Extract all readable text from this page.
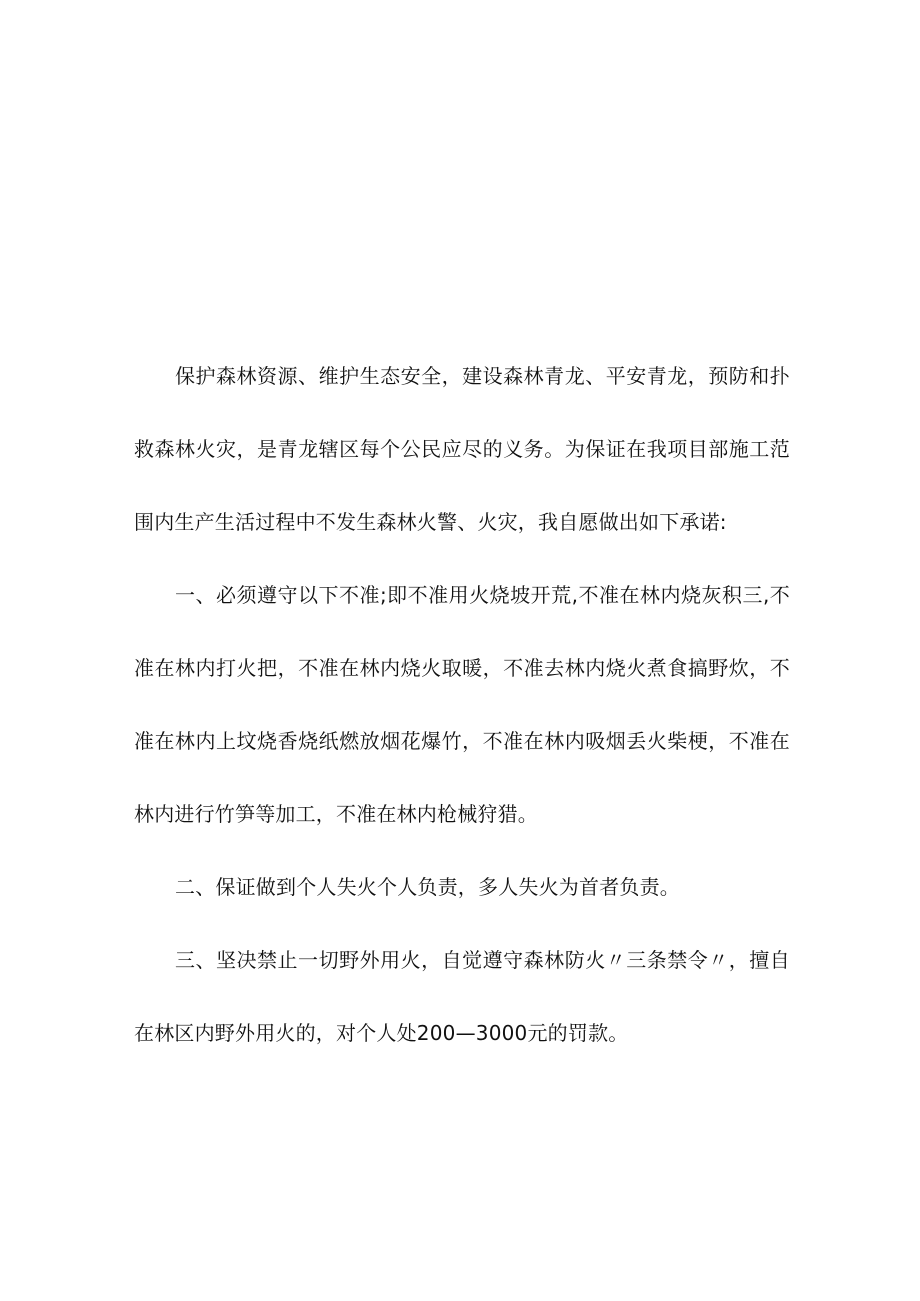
保护森林资源、维护生态安全，建设森林青龙、平安青龙，预防和扑救森林火灾，是青龙辖区每个公民应尽的义务。为保证在我项目部施工范围内生产生活过程中不发生森林火警、火灾，我自愿做出如下承诺:

一、必须遵守以下不准;即不准用火烧坡开荒,不准在林内烧灰积三,不准在林内打火把，不准在林内烧火取暖，不准去林内烧火煮食搞野炊，不准在林内上坟烧香烧纸燃放烟花爆竹，不准在林内吸烟丢火柴梗，不准在林内进行竹笋等加工，不准在林内枪械狩猎。

二、保证做到个人失火个人负责，多人失火为首者负责。

三、坚决禁止一切野外用火，自觉遵守森林防火〃三条禁令〃，擅自在林区内野外用火的，对个人处200—3000元的罚款。
